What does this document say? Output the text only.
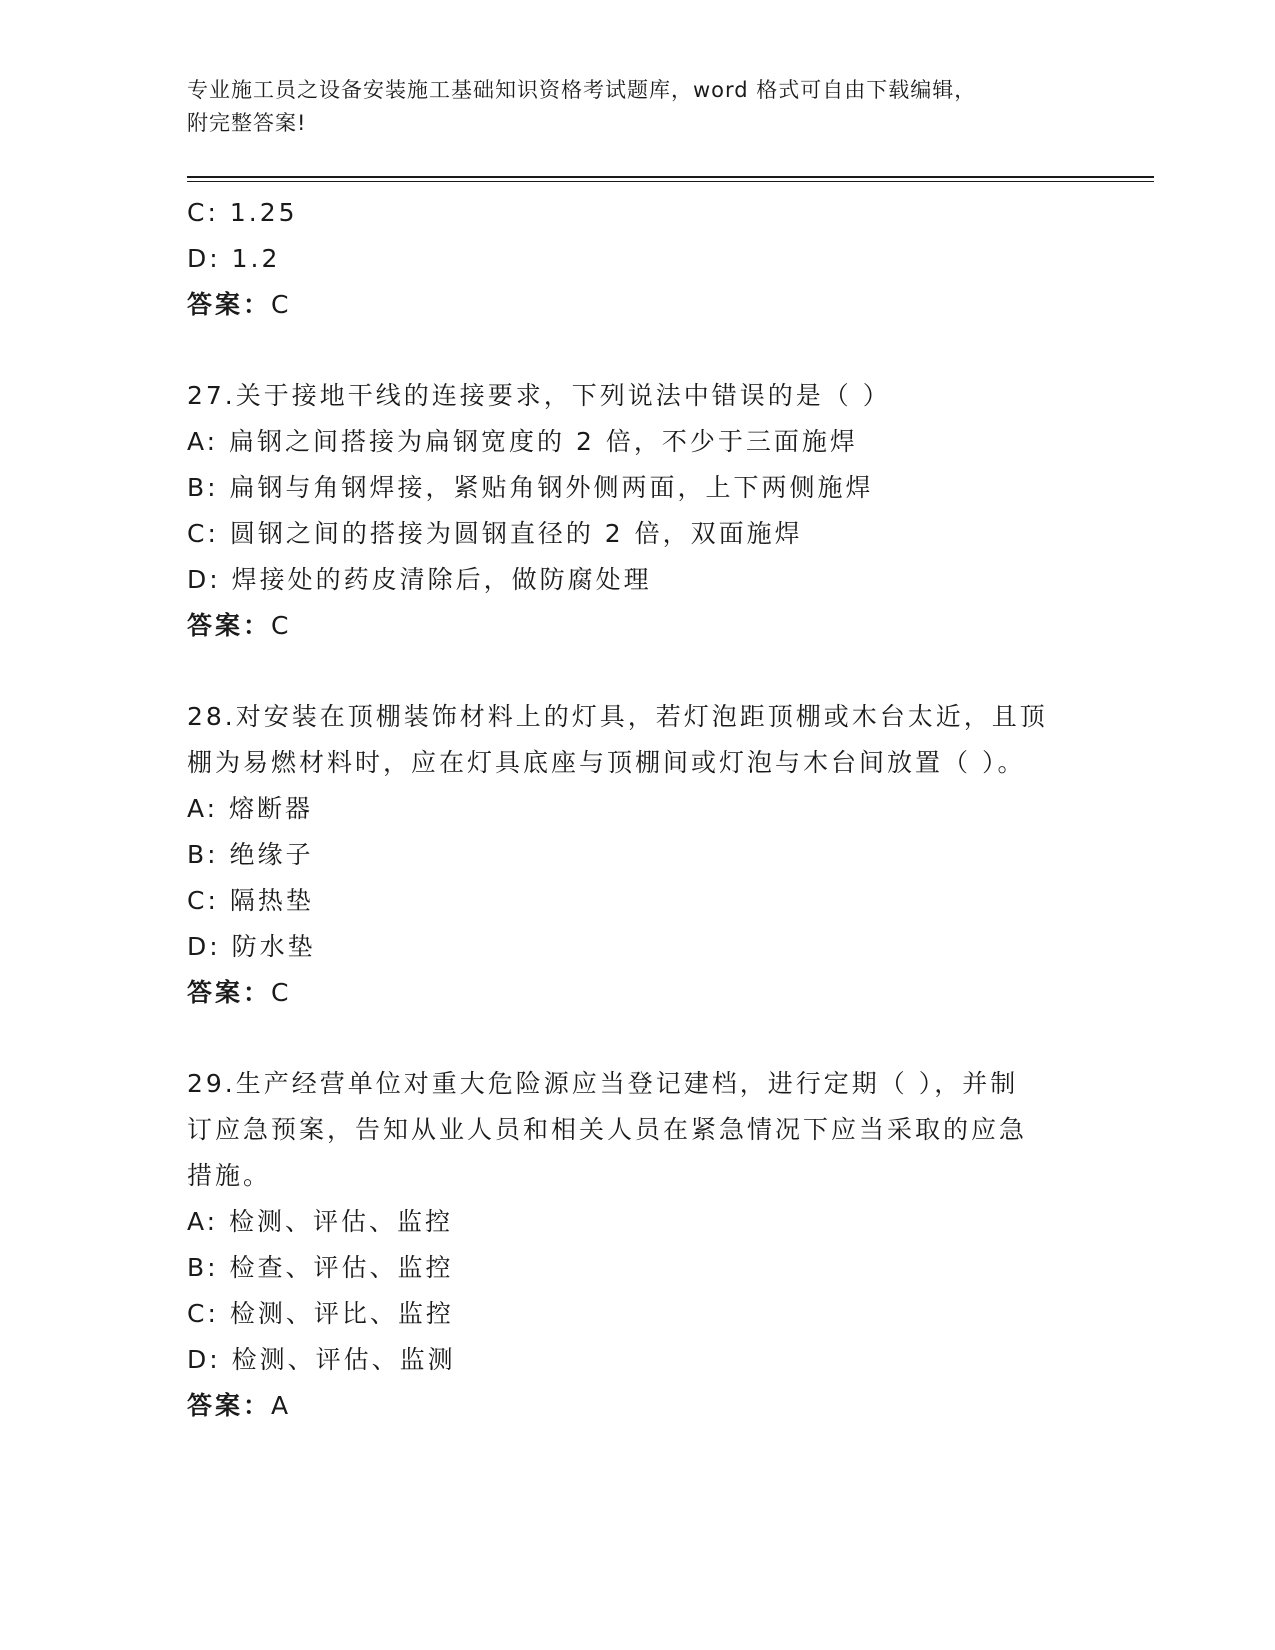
专业施工员之设备安装施工基础知识资格考试题库，word 格式可自由下载编辑，
附完整答案!
C: 1.25
D: 1.2
答案：C
27.关于接地干线的连接要求，下列说法中错误的是（ ）
A: 扁钢之间搭接为扁钢宽度的 2 倍，不少于三面施焊
B: 扁钢与角钢焊接，紧贴角钢外侧两面，上下两侧施焊
C: 圆钢之间的搭接为圆钢直径的 2 倍，双面施焊
D: 焊接处的药皮清除后，做防腐处理
答案：C
28.对安装在顶棚装饰材料上的灯具，若灯泡距顶棚或木台太近，且顶
棚为易燃材料时，应在灯具底座与顶棚间或灯泡与木台间放置（ ）。
A: 熔断器
B: 绝缘子
C: 隔热垫
D: 防水垫
答案：C
29.生产经营单位对重大危险源应当登记建档，进行定期（ ），并制
订应急预案，告知从业人员和相关人员在紧急情况下应当采取的应急
措施。
A: 检测、评估、监控
B: 检查、评估、监控
C: 检测、评比、监控
D: 检测、评估、监测
答案：A
